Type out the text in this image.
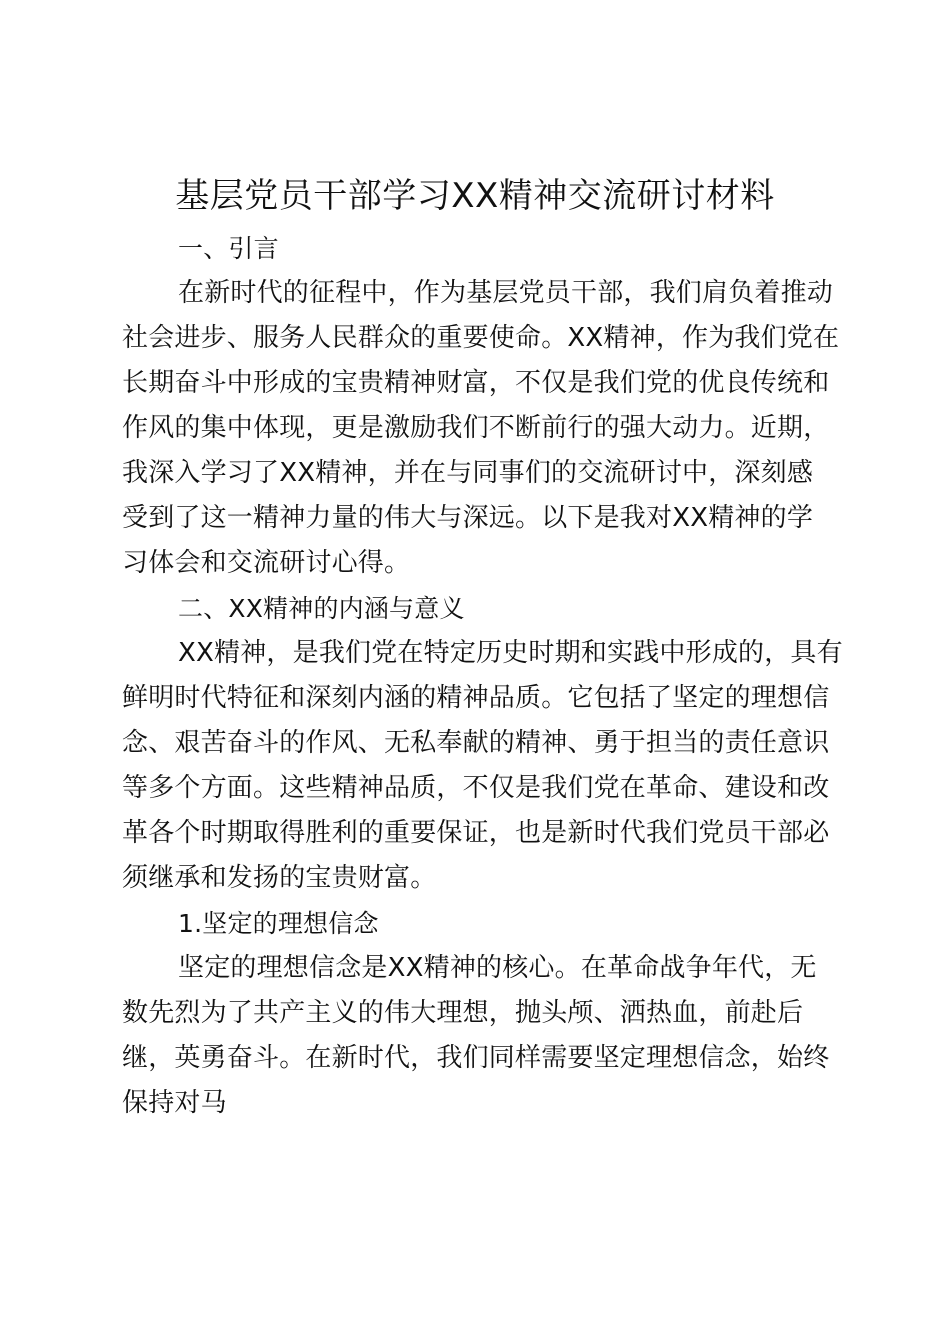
基层党员干部学习XX精神交流研讨材料
一、引言
在新时代的征程中，作为基层党员干部，我们肩负着推动
社会进步、服务人民群众的重要使命。XX精神，作为我们党在
长期奋斗中形成的宝贵精神财富，不仅是我们党的优良传统和
作风的集中体现，更是激励我们不断前行的强大动力。近期，
我深入学习了XX精神，并在与同事们的交流研讨中，深刻感
受到了这一精神力量的伟大与深远。以下是我对XX精神的学
习体会和交流研讨心得。
二、XX精神的内涵与意义
XX精神，是我们党在特定历史时期和实践中形成的，具有
鲜明时代特征和深刻内涵的精神品质。它包括了坚定的理想信
念、艰苦奋斗的作风、无私奉献的精神、勇于担当的责任意识
等多个方面。这些精神品质，不仅是我们党在革命、建设和改
革各个时期取得胜利的重要保证，也是新时代我们党员干部必
须继承和发扬的宝贵财富。
1.坚定的理想信念
坚定的理想信念是XX精神的核心。在革命战争年代，无
数先烈为了共产主义的伟大理想，抛头颅、洒热血，前赴后
继，英勇奋斗。在新时代，我们同样需要坚定理想信念，始终
保持对马
